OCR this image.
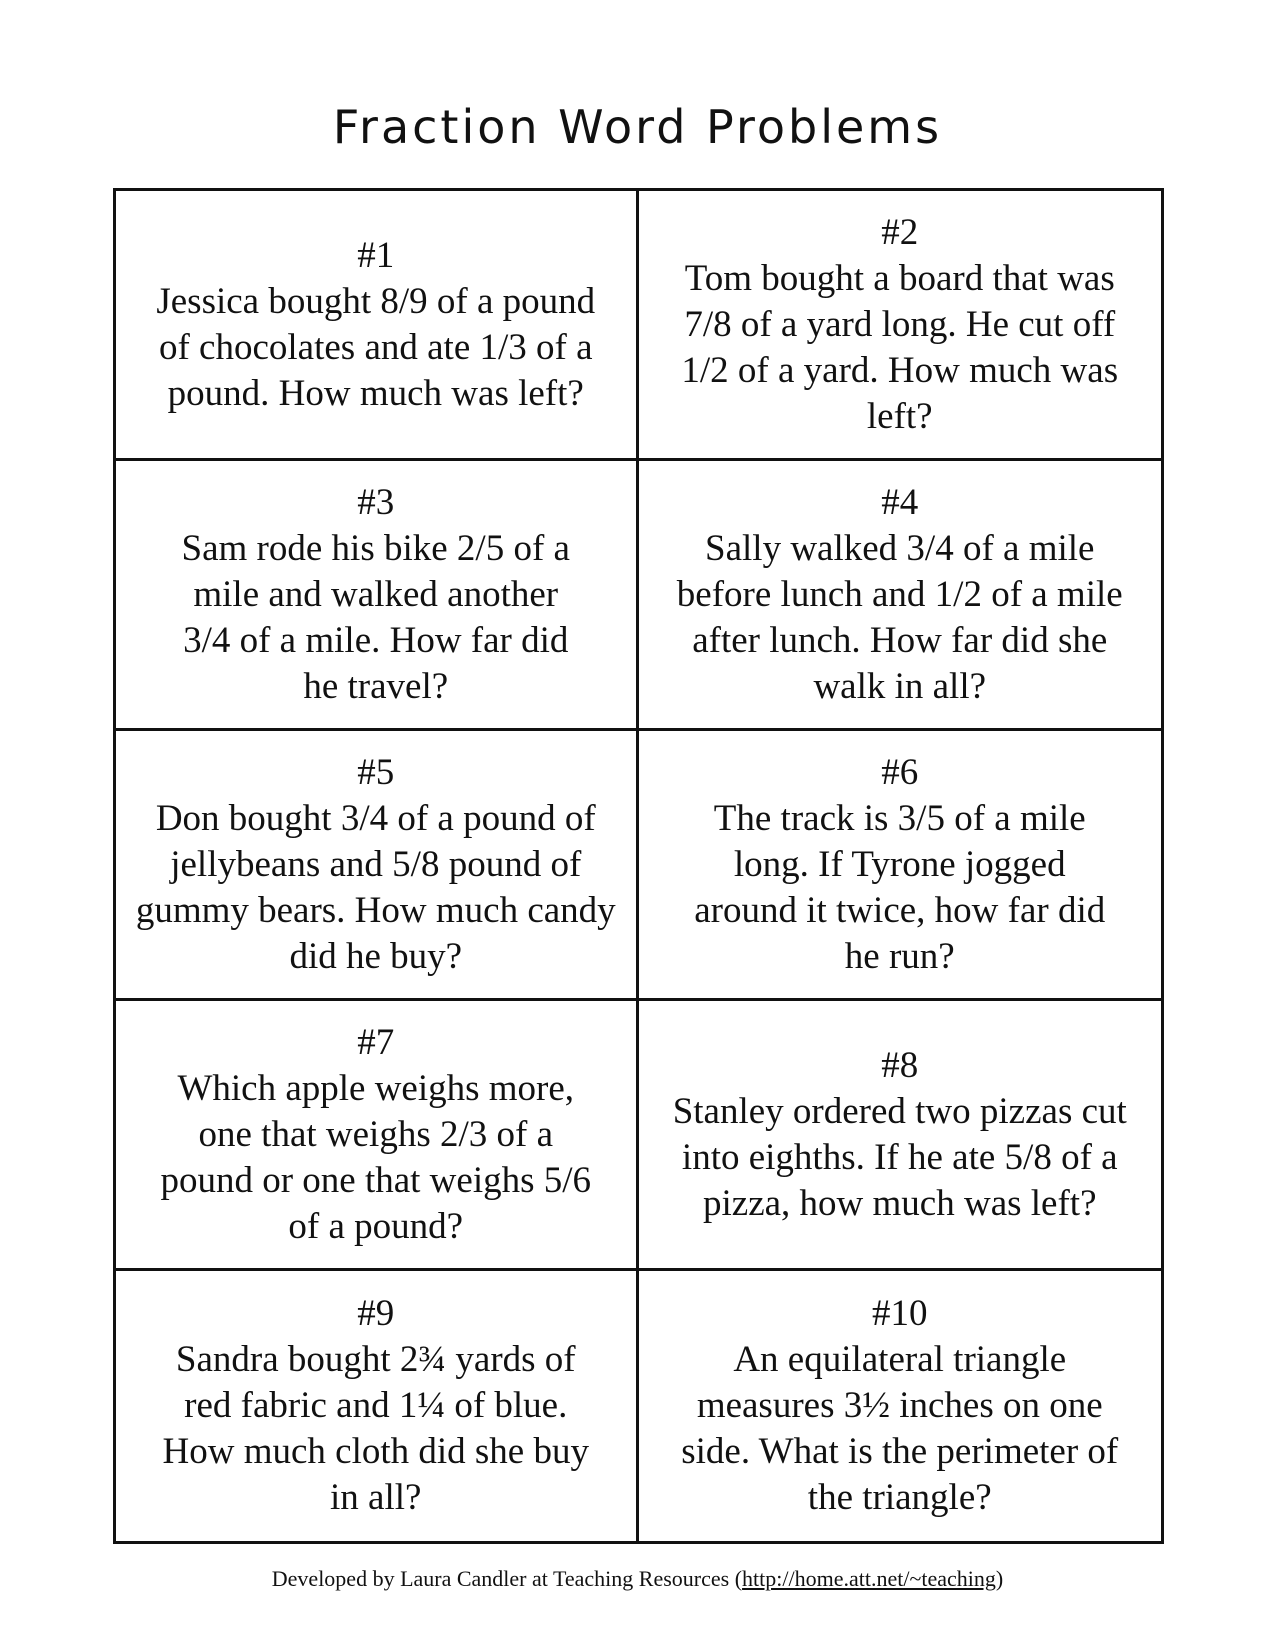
Fraction Word Problems
#1
Jessica bought 8/9 of a pound of chocolates and ate 1/3 of a pound. How much was left?
#2
Tom bought a board that was 7/8 of a yard long. He cut off 1/2 of a yard. How much was left?
#3
Sam rode his bike 2/5 of a mile and walked another 3/4 of a mile. How far did he travel?
#4
Sally walked 3/4 of a mile before lunch and 1/2 of a mile after lunch. How far did she walk in all?
#5
Don bought 3/4 of a pound of jellybeans and 5/8 pound of gummy bears. How much candy did he buy?
#6
The track is 3/5 of a mile long. If Tyrone jogged around it twice, how far did he run?
#7
Which apple weighs more, one that weighs 2/3 of a pound or one that weighs 5/6 of a pound?
#8
Stanley ordered two pizzas cut into eighths. If he ate 5/8 of a pizza, how much was left?
#9
Sandra bought 2¾ yards of red fabric and 1¼ of blue. How much cloth did she buy in all?
#10
An equilateral triangle measures 3½ inches on one side. What is the perimeter of the triangle?
Developed by Laura Candler at Teaching Resources (http://home.att.net/~teaching)
